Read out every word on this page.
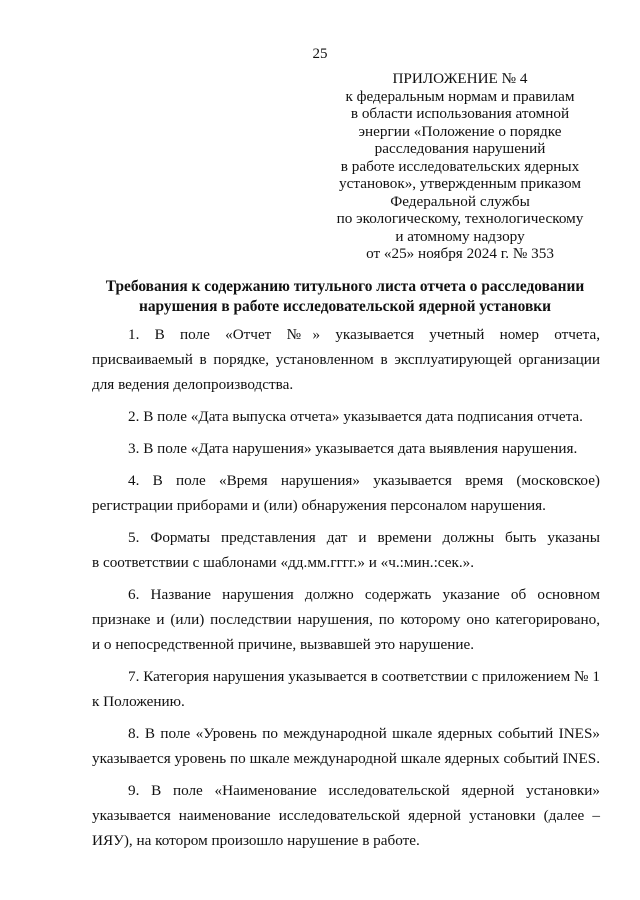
25
ПРИЛОЖЕНИЕ № 4
к федеральным нормам и правилам
в области использования атомной
энергии «Положение о порядке
расследования нарушений
в работе исследовательских ядерных
установок», утвержденным приказом
Федеральной службы
по экологическому, технологическому
и атомному надзору
от «25» ноября 2024 г. № 353
Требования к содержанию титульного листа отчета о расследовании
нарушения в работе исследовательской ядерной установки
1. В поле «Отчет №» указывается учетный номер отчета,
присваиваемый в порядке, установленном в эксплуатирующей организации
для ведения делопроизводства.
2. В поле «Дата выпуска отчета» указывается дата подписания отчета.
3. В поле «Дата нарушения» указывается дата выявления нарушения.
4. В поле «Время нарушения» указывается время (московское)
регистрации приборами и (или) обнаружения персоналом нарушения.
5. Форматы представления дат и времени должны быть указаны
в соответствии с шаблонами «дд.мм.гггг.» и «ч.:мин.:сек.».
6. Название нарушения должно содержать указание об основном
признаке и (или) последствии нарушения, по которому оно категорировано,
и о непосредственной причине, вызвавшей это нарушение.
7. Категория нарушения указывается в соответствии с приложением № 1
к Положению.
8. В поле «Уровень по международной шкале ядерных событий INES»
указывается уровень по шкале международной шкале ядерных событий INES.
9. В поле «Наименование исследовательской ядерной установки»
указывается наименование исследовательской ядерной установки (далее –
ИЯУ), на котором произошло нарушение в работе.
